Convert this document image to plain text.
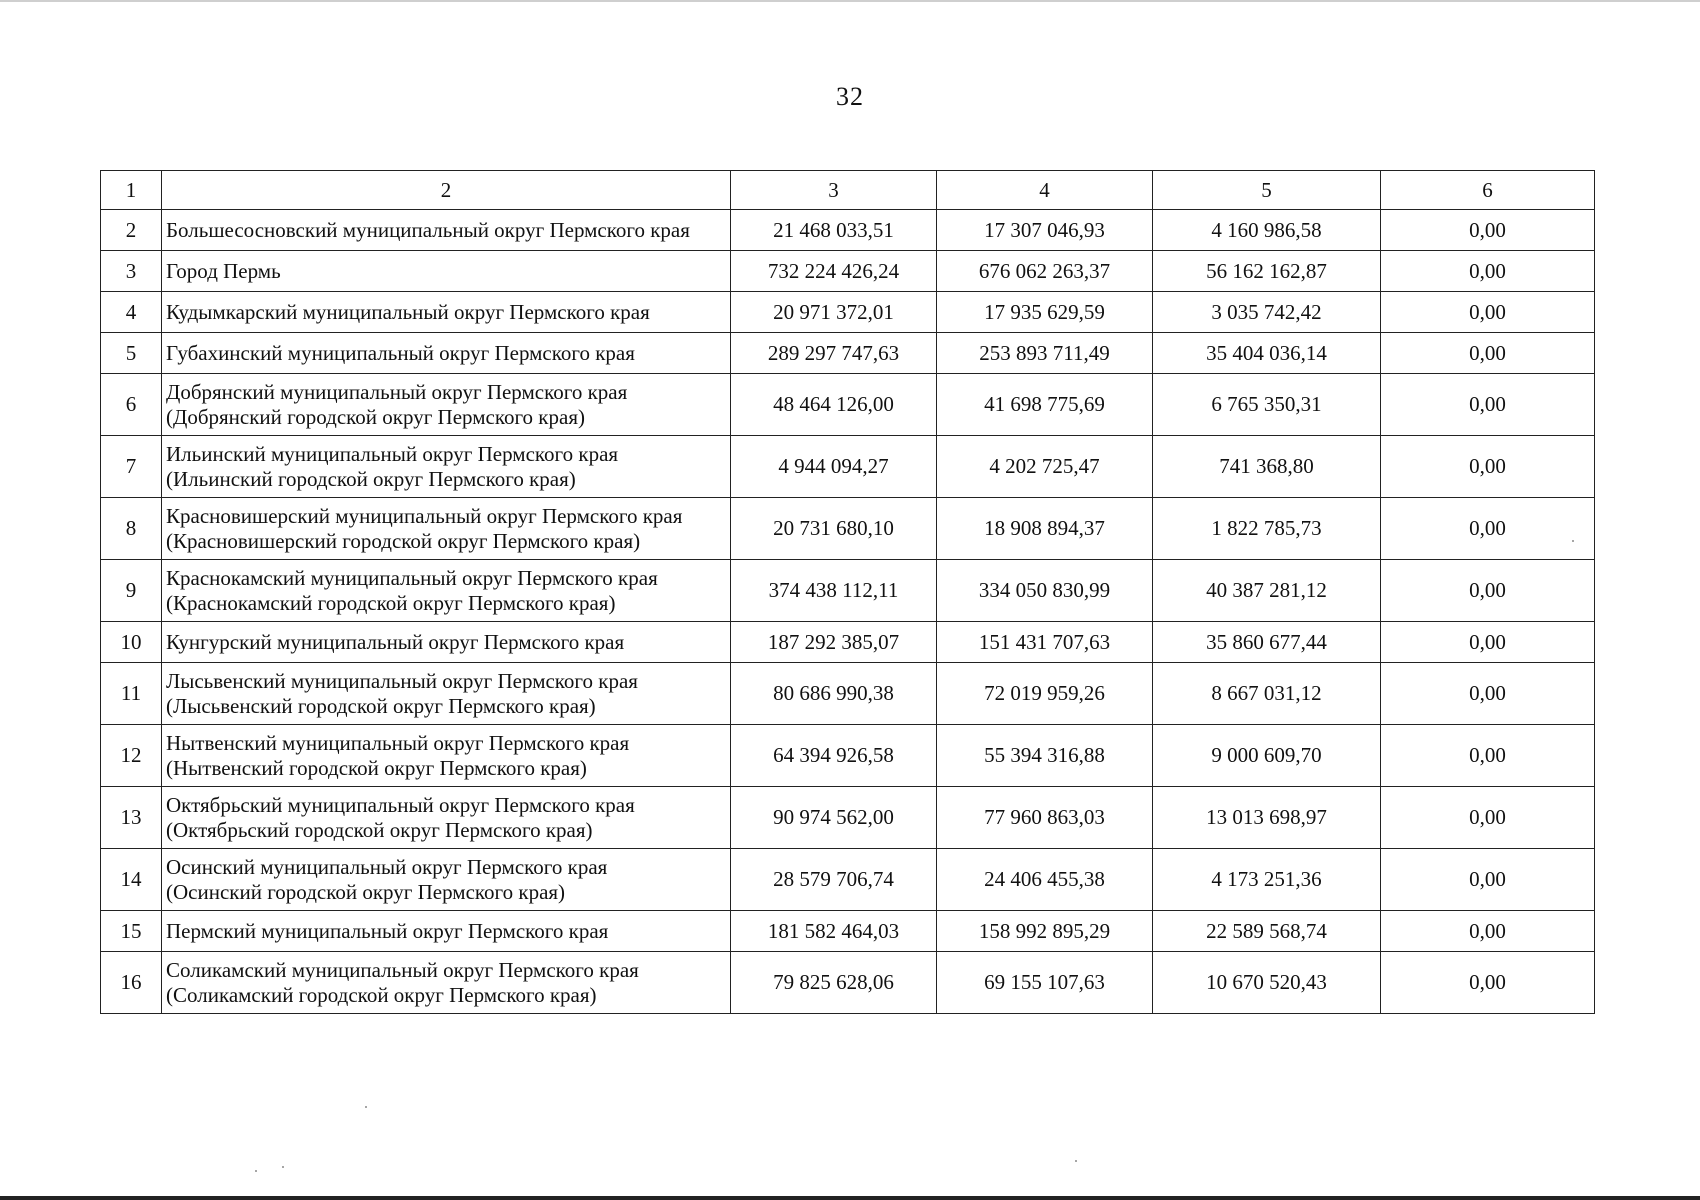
32
1	2	3	4	5	6
2	Большесосновский муниципальный округ Пермского края	21 468 033,51	17 307 046,93	4 160 986,58	0,00
3	Город Пермь	732 224 426,24	676 062 263,37	56 162 162,87	0,00
4	Кудымкарский муниципальный округ Пермского края	20 971 372,01	17 935 629,59	3 035 742,42	0,00
5	Губахинский муниципальный округ Пермского края	289 297 747,63	253 893 711,49	35 404 036,14	0,00
6	Добрянский муниципальный округ Пермского края
(Добрянский городской округ Пермского края)	48 464 126,00	41 698 775,69	6 765 350,31	0,00
7	Ильинский муниципальный округ Пермского края
(Ильинский городской округ Пермского края)	4 944 094,27	4 202 725,47	741 368,80	0,00
8	Красновишерский муниципальный округ Пермского края
(Красновишерский городской округ Пермского края)	20 731 680,10	18 908 894,37	1 822 785,73	0,00
9	Краснокамский муниципальный округ Пермского края
(Краснокамский городской округ Пермского края)	374 438 112,11	334 050 830,99	40 387 281,12	0,00
10	Кунгурский муниципальный округ Пермского края	187 292 385,07	151 431 707,63	35 860 677,44	0,00
11	Лысьвенский муниципальный округ Пермского края
(Лысьвенский городской округ Пермского края)	80 686 990,38	72 019 959,26	8 667 031,12	0,00
12	Нытвенский муниципальный округ Пермского края
(Нытвенский городской округ Пермского края)	64 394 926,58	55 394 316,88	9 000 609,70	0,00
13	Октябрьский муниципальный округ Пермского края
(Октябрьский городской округ Пермского края)	90 974 562,00	77 960 863,03	13 013 698,97	0,00
14	Осинский муниципальный округ Пермского края
(Осинский городской округ Пермского края)	28 579 706,74	24 406 455,38	4 173 251,36	0,00
15	Пермский муниципальный округ Пермского края	181 582 464,03	158 992 895,29	22 589 568,74	0,00
16	Соликамский муниципальный округ Пермского края
(Соликамский городской округ Пермского края)	79 825 628,06	69 155 107,63	10 670 520,43	0,00
